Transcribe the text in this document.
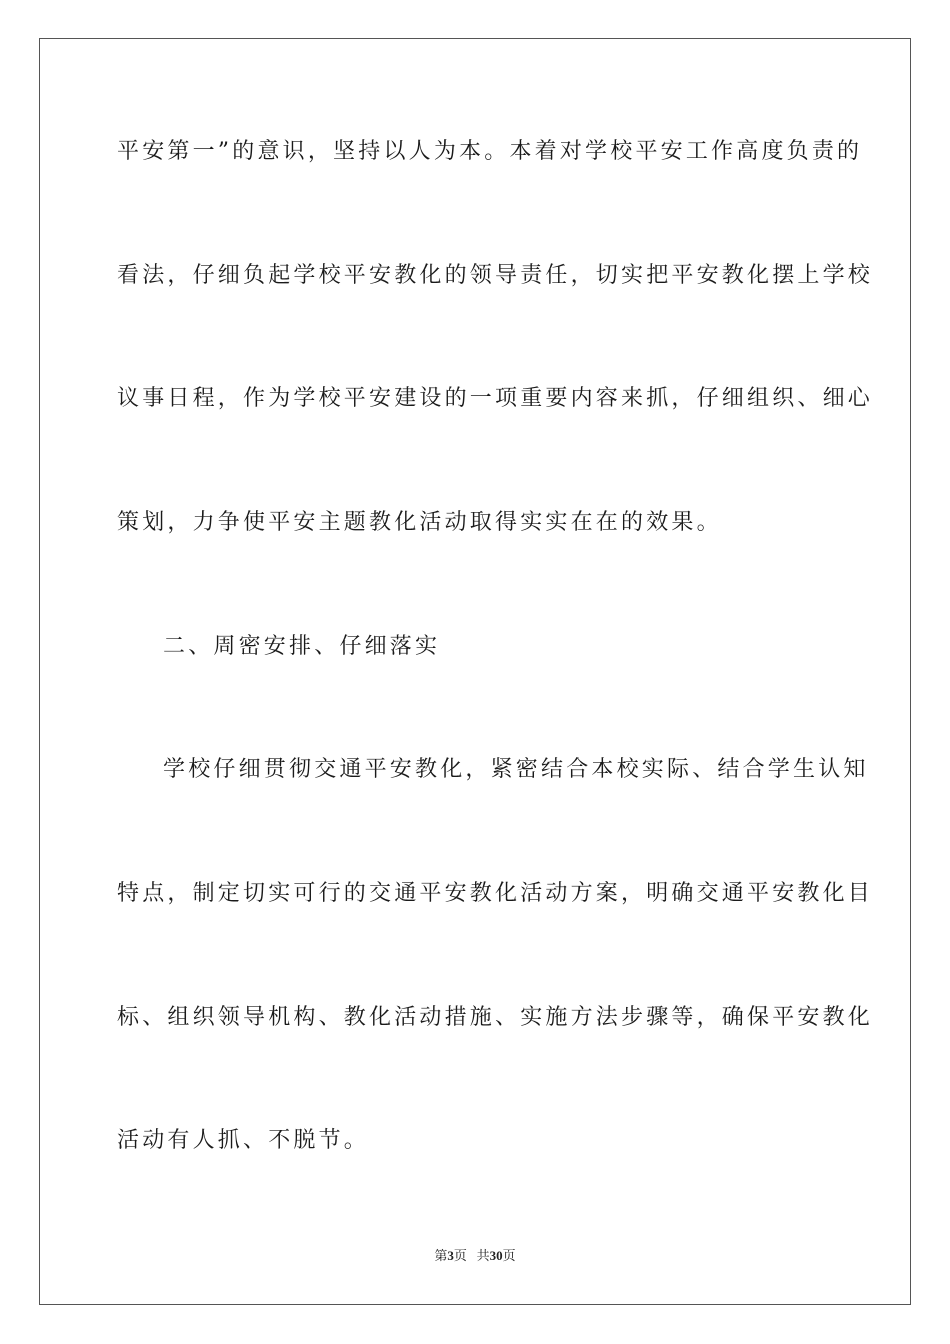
平安第一”的意识，坚持以人为本。本着对学校平安工作高度负责的
看法，仔细负起学校平安教化的领导责任，切实把平安教化摆上学校
议事日程，作为学校平安建设的一项重要内容来抓，仔细组织、细心
策划，力争使平安主题教化活动取得实实在在的效果。
二、周密安排、仔细落实
学校仔细贯彻交通平安教化，紧密结合本校实际、结合学生认知
特点，制定切实可行的交通平安教化活动方案，明确交通平安教化目
标、组织领导机构、教化活动措施、实施方法步骤等，确保平安教化
活动有人抓、不脱节。
第3页 共30页
